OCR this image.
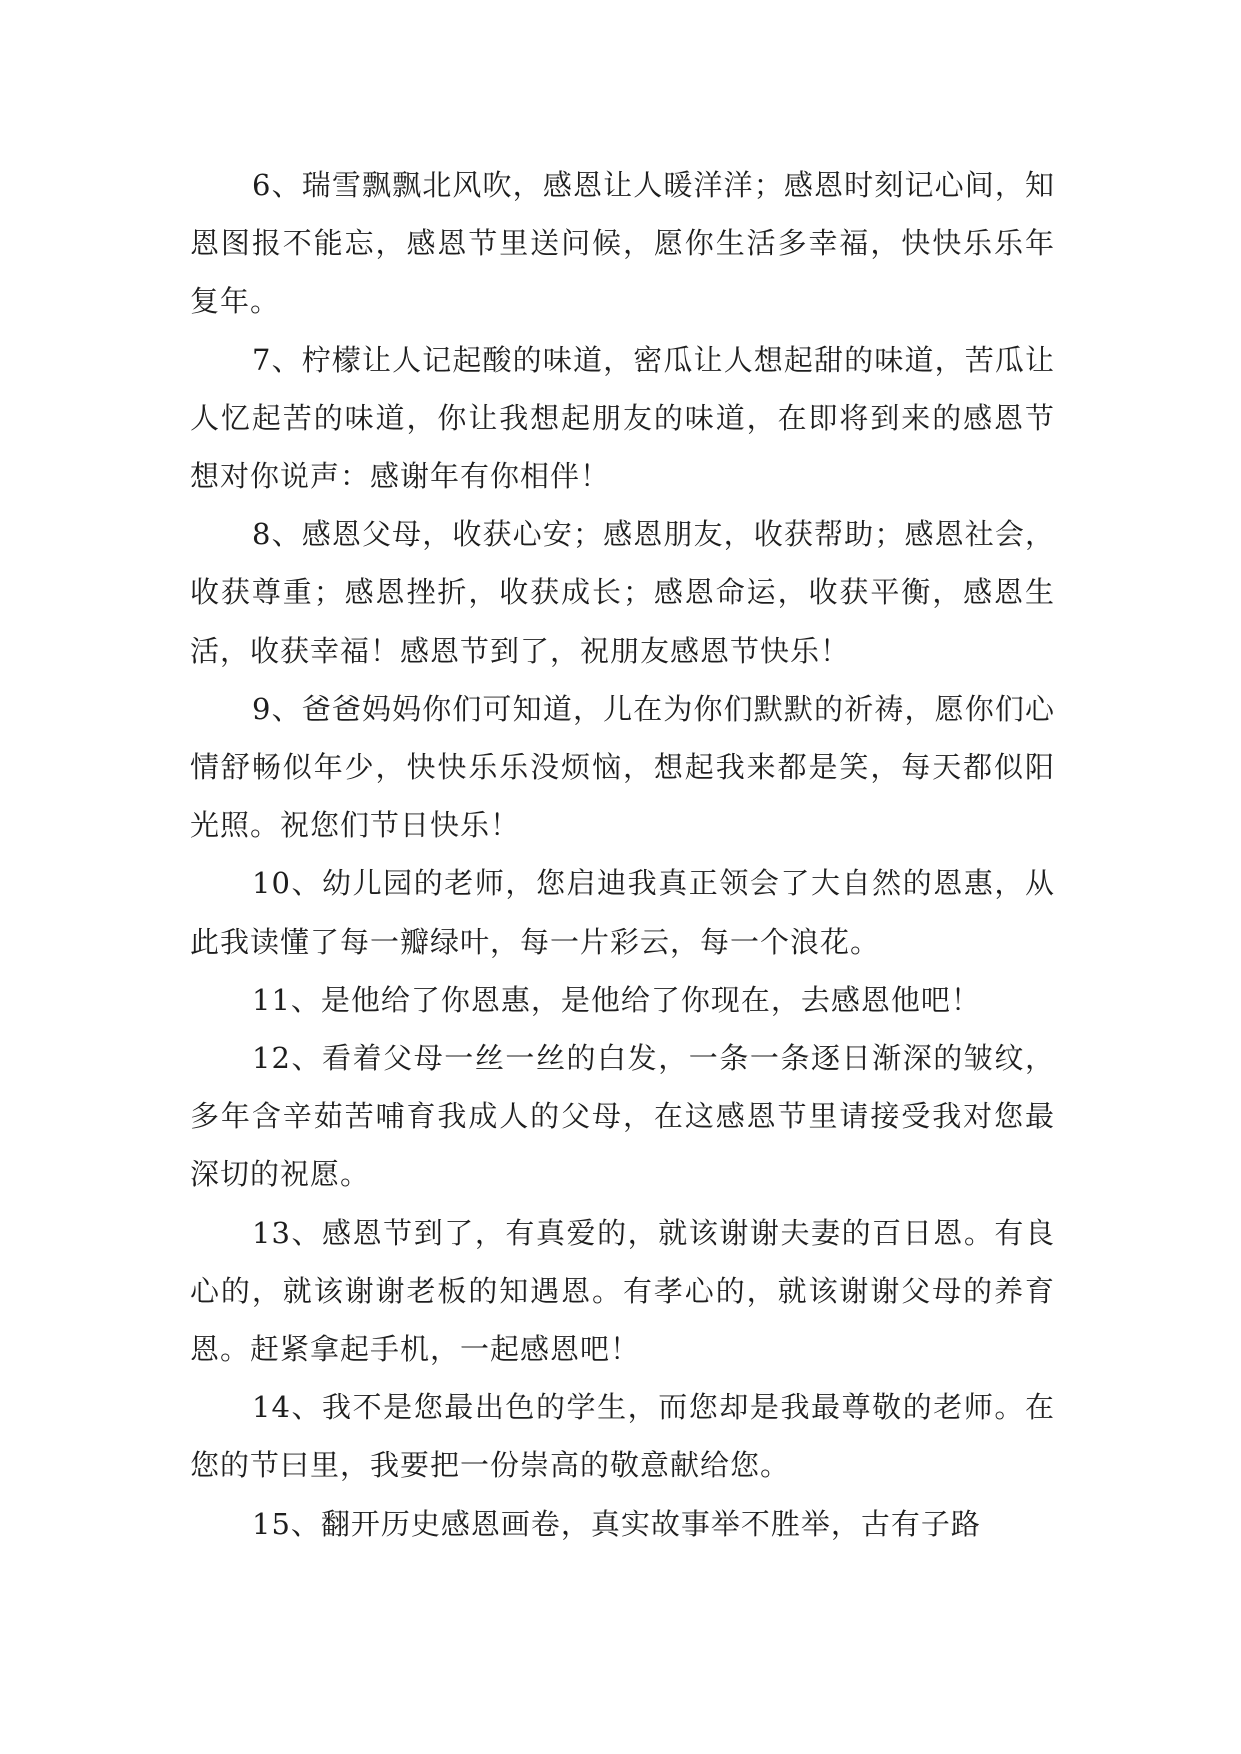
6、瑞雪飘飘北风吹，感恩让人暖洋洋；感恩时刻记心间，知恩图报不能忘，感恩节里送问候，愿你生活多幸福，快快乐乐年复年。

7、柠檬让人记起酸的味道，密瓜让人想起甜的味道，苦瓜让人忆起苦的味道，你让我想起朋友的味道，在即将到来的感恩节想对你说声：感谢年有你相伴！

8、感恩父母，收获心安；感恩朋友，收获帮助；感恩社会，收获尊重；感恩挫折，收获成长；感恩命运，收获平衡，感恩生活，收获幸福！感恩节到了，祝朋友感恩节快乐！

9、爸爸妈妈你们可知道，儿在为你们默默的祈祷，愿你们心情舒畅似年少，快快乐乐没烦恼，想起我来都是笑，每天都似阳光照。祝您们节日快乐！

10、幼儿园的老师，您启迪我真正领会了大自然的恩惠，从此我读懂了每一瓣绿叶，每一片彩云，每一个浪花。

11、是他给了你恩惠，是他给了你现在，去感恩他吧！

12、看着父母一丝一丝的白发，一条一条逐日渐深的皱纹，多年含辛茹苦哺育我成人的父母，在这感恩节里请接受我对您最深切的祝愿。

13、感恩节到了，有真爱的，就该谢谢夫妻的百日恩。有良心的，就该谢谢老板的知遇恩。有孝心的，就该谢谢父母的养育恩。赶紧拿起手机，一起感恩吧！

14、我不是您最出色的学生，而您却是我最尊敬的老师。在您的节曰里，我要把一份崇高的敬意献给您。

15、翻开历史感恩画卷，真实故事举不胜举，古有子路
